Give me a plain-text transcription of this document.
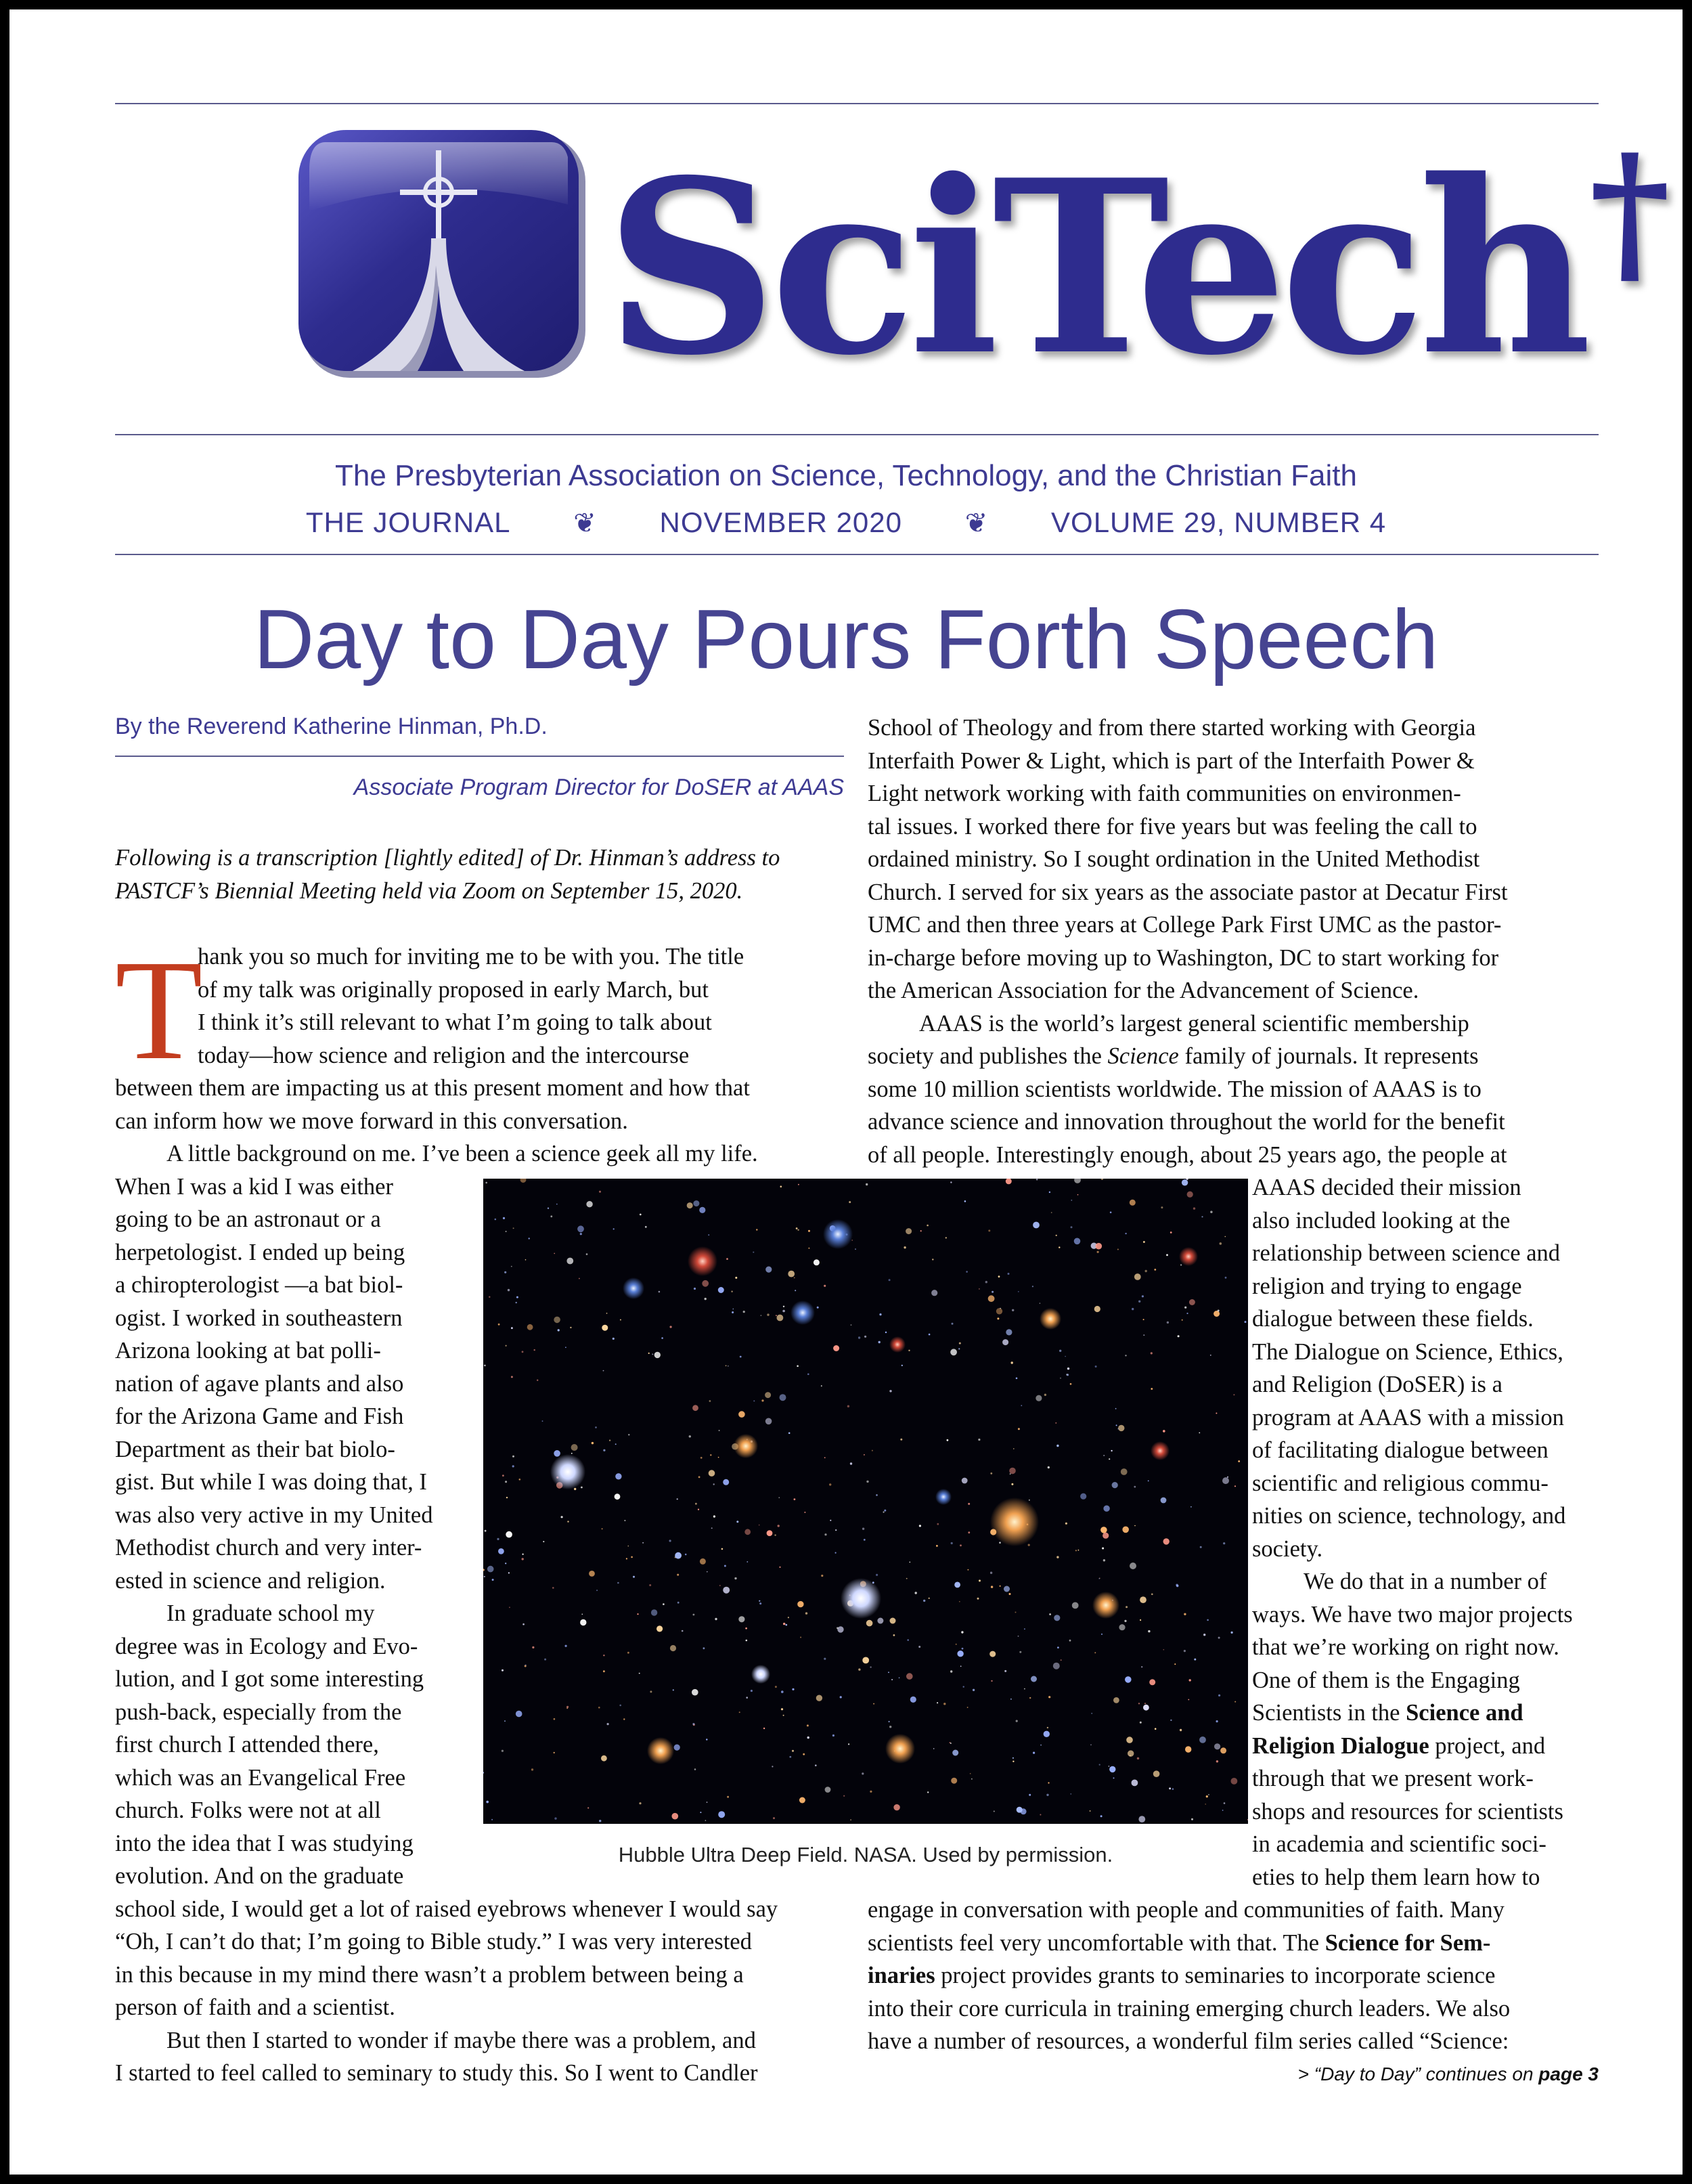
SciTech†
The Presbyterian Association on Science, Technology, and the Christian Faith
THE JOURNAL ❦ NOVEMBER 2020 ❦ VOLUME 29, NUMBER 4
Day to Day Pours Forth Speech
By the Reverend Katherine Hinman, Ph.D.
Associate Program Director for DoSER at AAAS
Following is a transcription [lightly edited] of Dr. Hinman’s address to
PASTCF’s Biennial Meeting held via Zoom on September 15, 2020.
T
hank you so much for inviting me to be with you. The title
of my talk was originally proposed in early March, but
I think it’s still relevant to what I’m going to talk about
today—how science and religion and the intercourse
between them are impacting us at this present moment and how that
can inform how we move forward in this conversation.
A little background on me. I’ve been a science geek all my life.
When I was a kid I was either
going to be an astronaut or a
herpetologist. I ended up being
a chiropterologist —a bat biol-
ogist. I worked in southeastern
Arizona looking at bat polli-
nation of agave plants and also
for the Arizona Game and Fish
Department as their bat biolo-
gist. But while I was doing that, I
was also very active in my United
Methodist church and very inter-
ested in science and religion.
In graduate school my
degree was in Ecology and Evo-
lution, and I got some interesting
push-back, especially from the
first church I attended there,
which was an Evangelical Free
church. Folks were not at all
into the idea that I was studying
evolution. And on the graduate
school side, I would get a lot of raised eyebrows whenever I would say
“Oh, I can’t do that; I’m going to Bible study.” I was very interested
in this because in my mind there wasn’t a problem between being a
person of faith and a scientist.
But then I started to wonder if maybe there was a problem, and
I started to feel called to seminary to study this. So I went to Candler
School of Theology and from there started working with Georgia
Interfaith Power & Light, which is part of the Interfaith Power &
Light network working with faith communities on environmen-
tal issues. I worked there for five years but was feeling the call to
ordained ministry. So I sought ordination in the United Methodist
Church. I served for six years as the associate pastor at Decatur First
UMC and then three years at College Park First UMC as the pastor-
in-charge before moving up to Washington, DC to start working for
the American Association for the Advancement of Science.
AAAS is the world’s largest general scientific membership
society and publishes the Science family of journals. It represents
some 10 million scientists worldwide. The mission of AAAS is to
advance science and innovation throughout the world for the benefit
of all people. Interestingly enough, about 25 years ago, the people at
AAAS decided their mission
also included looking at the
relationship between science and
religion and trying to engage
dialogue between these fields.
The Dialogue on Science, Ethics,
and Religion (DoSER) is a
program at AAAS with a mission
of facilitating dialogue between
scientific and religious commu-
nities on science, technology, and
society.
We do that in a number of
ways. We have two major projects
that we’re working on right now.
One of them is the Engaging
Scientists in the Science and
Religion Dialogue project, and
through that we present work-
shops and resources for scientists
in academia and scientific soci-
eties to help them learn how to
engage in conversation with people and communities of faith. Many
scientists feel very uncomfortable with that. The Science for Sem-
inaries project provides grants to seminaries to incorporate science
into their core curricula in training emerging church leaders. We also
have a number of resources, a wonderful film series called “Science:
Hubble Ultra Deep Field. NASA. Used by permission.
> “Day to Day” continues on page 3
